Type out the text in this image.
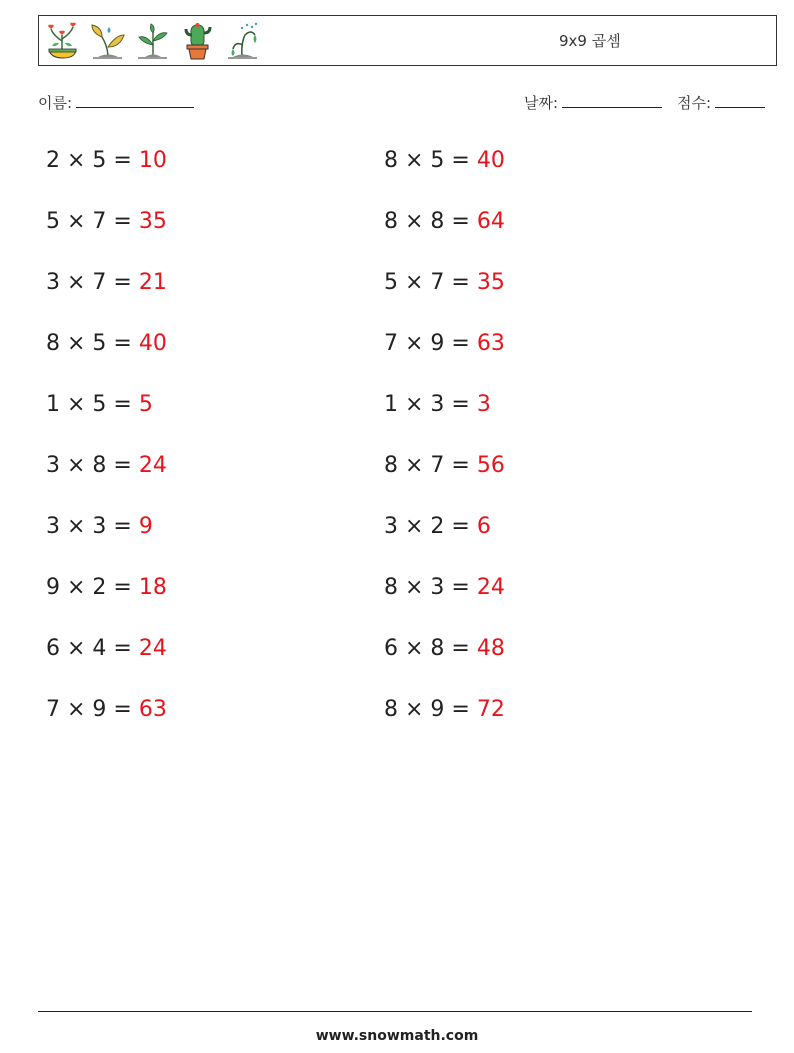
9x9 곱셈
이름:	날짜:	점수:
2 × 5 = 10	8 × 5 = 40
5 × 7 = 35	8 × 8 = 64
3 × 7 = 21	5 × 7 = 35
8 × 5 = 40	7 × 9 = 63
1 × 5 = 5	1 × 3 = 3
3 × 8 = 24	8 × 7 = 56
3 × 3 = 9	3 × 2 = 6
9 × 2 = 18	8 × 3 = 24
6 × 4 = 24	6 × 8 = 48
7 × 9 = 63	8 × 9 = 72
www.snowmath.com
